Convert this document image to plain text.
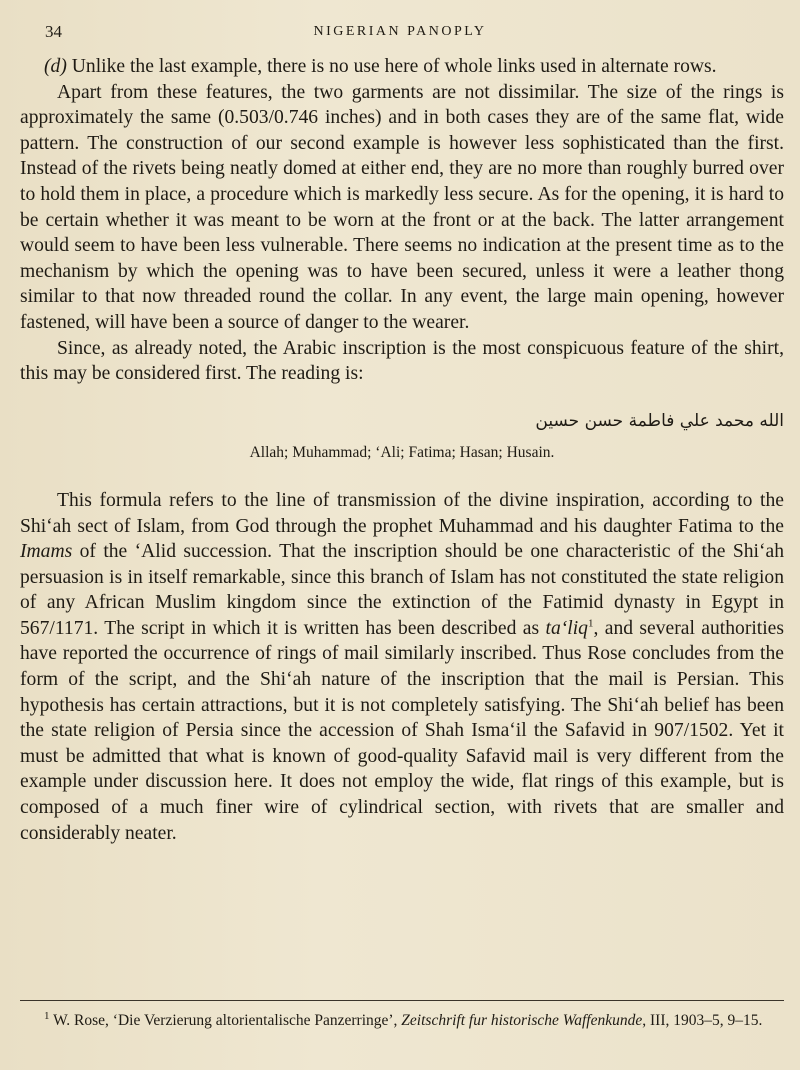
34	NIGERIAN PANOPLY

(d) Unlike the last example, there is no use here of whole links used in alternate rows.

Apart from these features, the two garments are not dissimilar. The size of the rings is approximately the same (0.503/0.746 inches) and in both cases they are of the same flat, wide pattern. The construction of our second example is however less sophisticated than the first. Instead of the rivets being neatly domed at either end, they are no more than roughly burred over to hold them in place, a procedure which is markedly less secure. As for the opening, it is hard to be certain whether it was meant to be worn at the front or at the back. The latter arrangement would seem to have been less vulnerable. There seems no indication at the present time as to the mechanism by which the opening was to have been secured, unless it were a leather thong similar to that now threaded round the collar. In any event, the large main opening, however fastened, will have been a source of danger to the wearer.

Since, as already noted, the Arabic inscription is the most conspicuous feature of the shirt, this may be considered first. The reading is:

الله محمد علي فاطمة حسن حسين

Allah; Muhammad; ‘Ali; Fatima; Hasan; Husain.

This formula refers to the line of transmission of the divine inspiration, according to the Shi‘ah sect of Islam, from God through the prophet Muhammad and his daughter Fatima to the Imams of the ‘Alid succession. That the inscription should be one characteristic of the Shi‘ah persuasion is in itself remarkable, since this branch of Islam has not constituted the state religion of any African Muslim kingdom since the extinction of the Fatimid dynasty in Egypt in 567/1171. The script in which it is written has been described as ta‘liq$^1$, and several authorities have reported the occurrence of rings of mail similarly inscribed. Thus Rose concludes from the form of the script, and the Shi‘ah nature of the inscription that the mail is Persian. This hypothesis has certain attractions, but it is not completely satisfying. The Shi‘ah belief has been the state religion of Persia since the accession of Shah Isma‘il the Safavid in 907/1502. Yet it must be admitted that what is known of good-quality Safavid mail is very different from the example under discussion here. It does not employ the wide, flat rings of this example, but is composed of a much finer wire of cylindrical section, with rivets that are smaller and considerably neater.

$^1$ W. Rose, ‘Die Verzierung altorientalische Panzerringe’, Zeitschrift fur historische Waffenkunde, III, 1903–5, 9–15.
